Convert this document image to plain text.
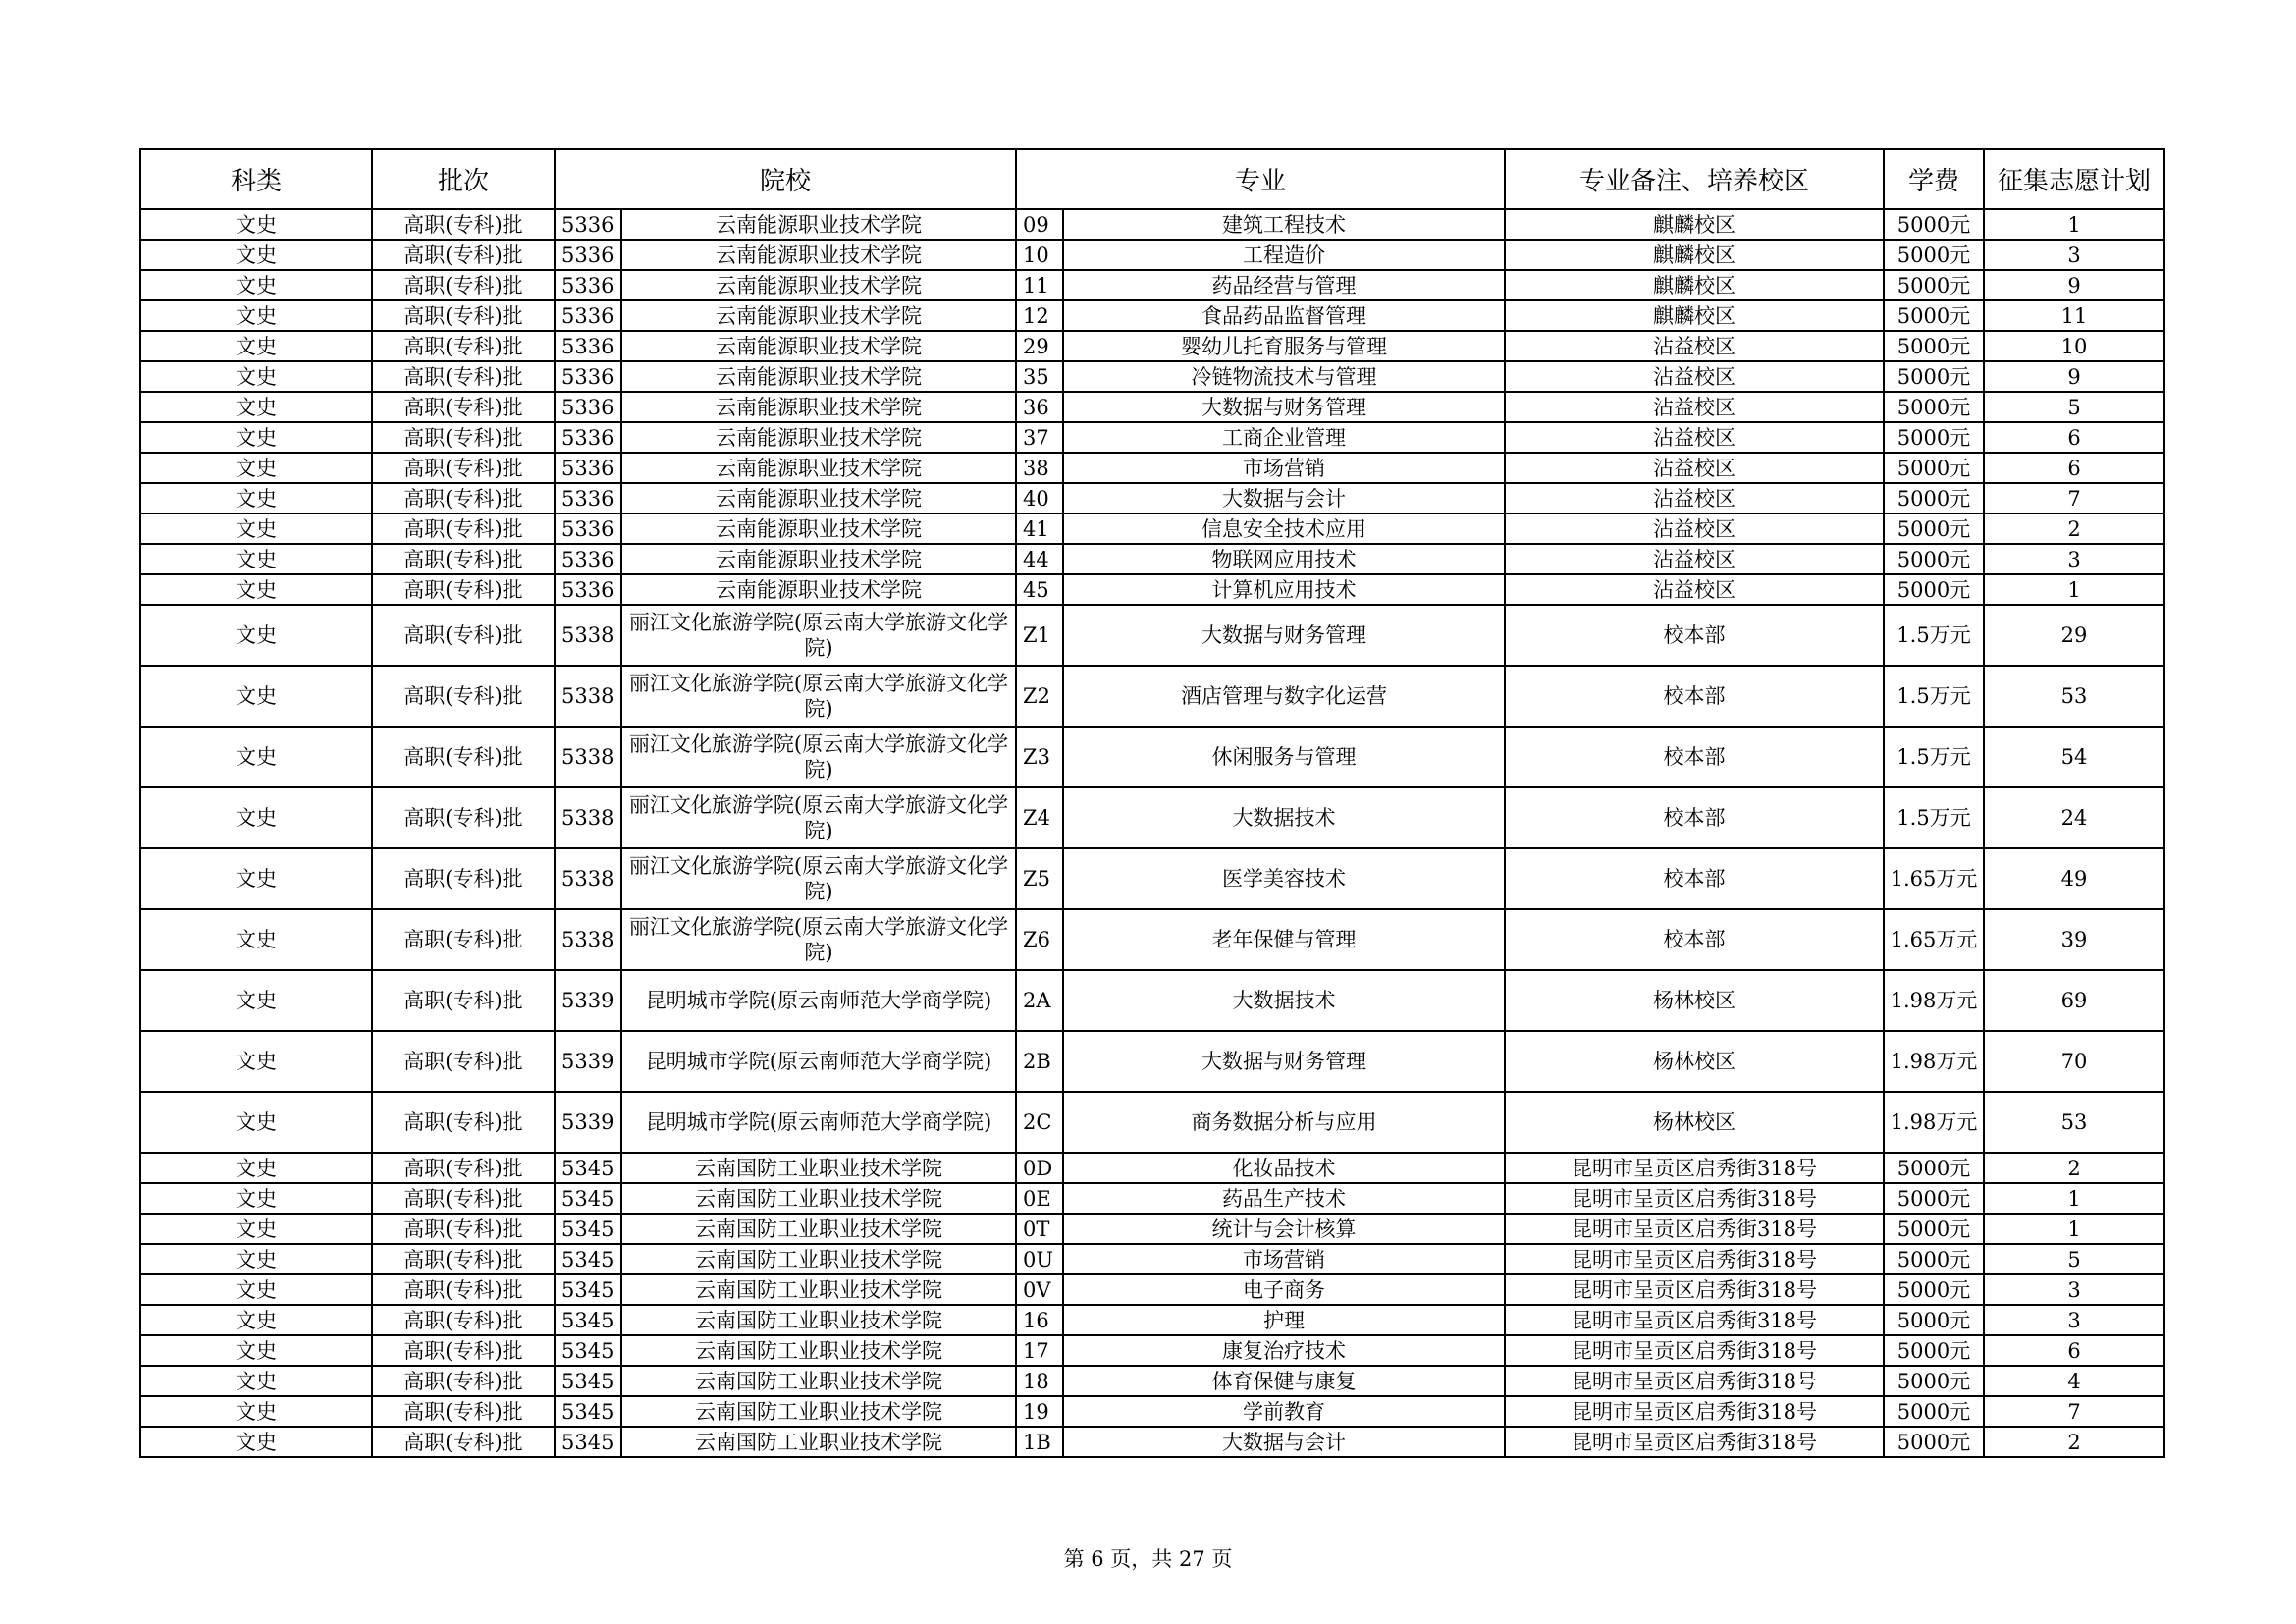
科类	批次	院校		专业		专业备注、培养校区	学费	征集志愿计划
文史	高职(专科)批	5336	云南能源职业技术学院	09	建筑工程技术	麒麟校区	5000元	1
文史	高职(专科)批	5336	云南能源职业技术学院	10	工程造价	麒麟校区	5000元	3
文史	高职(专科)批	5336	云南能源职业技术学院	11	药品经营与管理	麒麟校区	5000元	9
文史	高职(专科)批	5336	云南能源职业技术学院	12	食品药品监督管理	麒麟校区	5000元	11
文史	高职(专科)批	5336	云南能源职业技术学院	29	婴幼儿托育服务与管理	沾益校区	5000元	10
文史	高职(专科)批	5336	云南能源职业技术学院	35	冷链物流技术与管理	沾益校区	5000元	9
文史	高职(专科)批	5336	云南能源职业技术学院	36	大数据与财务管理	沾益校区	5000元	5
文史	高职(专科)批	5336	云南能源职业技术学院	37	工商企业管理	沾益校区	5000元	6
文史	高职(专科)批	5336	云南能源职业技术学院	38	市场营销	沾益校区	5000元	6
文史	高职(专科)批	5336	云南能源职业技术学院	40	大数据与会计	沾益校区	5000元	7
文史	高职(专科)批	5336	云南能源职业技术学院	41	信息安全技术应用	沾益校区	5000元	2
文史	高职(专科)批	5336	云南能源职业技术学院	44	物联网应用技术	沾益校区	5000元	3
文史	高职(专科)批	5336	云南能源职业技术学院	45	计算机应用技术	沾益校区	5000元	1
文史	高职(专科)批	5338	丽江文化旅游学院(原云南大学旅游文化学院)	Z1	大数据与财务管理	校本部	1.5万元	29
文史	高职(专科)批	5338	丽江文化旅游学院(原云南大学旅游文化学院)	Z2	酒店管理与数字化运营	校本部	1.5万元	53
文史	高职(专科)批	5338	丽江文化旅游学院(原云南大学旅游文化学院)	Z3	休闲服务与管理	校本部	1.5万元	54
文史	高职(专科)批	5338	丽江文化旅游学院(原云南大学旅游文化学院)	Z4	大数据技术	校本部	1.5万元	24
文史	高职(专科)批	5338	丽江文化旅游学院(原云南大学旅游文化学院)	Z5	医学美容技术	校本部	1.65万元	49
文史	高职(专科)批	5338	丽江文化旅游学院(原云南大学旅游文化学院)	Z6	老年保健与管理	校本部	1.65万元	39
文史	高职(专科)批	5339	昆明城市学院(原云南师范大学商学院)	2A	大数据技术	杨林校区	1.98万元	69
文史	高职(专科)批	5339	昆明城市学院(原云南师范大学商学院)	2B	大数据与财务管理	杨林校区	1.98万元	70
文史	高职(专科)批	5339	昆明城市学院(原云南师范大学商学院)	2C	商务数据分析与应用	杨林校区	1.98万元	53
文史	高职(专科)批	5345	云南国防工业职业技术学院	0D	化妆品技术	昆明市呈贡区启秀街318号	5000元	2
文史	高职(专科)批	5345	云南国防工业职业技术学院	0E	药品生产技术	昆明市呈贡区启秀街318号	5000元	1
文史	高职(专科)批	5345	云南国防工业职业技术学院	0T	统计与会计核算	昆明市呈贡区启秀街318号	5000元	1
文史	高职(专科)批	5345	云南国防工业职业技术学院	0U	市场营销	昆明市呈贡区启秀街318号	5000元	5
文史	高职(专科)批	5345	云南国防工业职业技术学院	0V	电子商务	昆明市呈贡区启秀街318号	5000元	3
文史	高职(专科)批	5345	云南国防工业职业技术学院	16	护理	昆明市呈贡区启秀街318号	5000元	3
文史	高职(专科)批	5345	云南国防工业职业技术学院	17	康复治疗技术	昆明市呈贡区启秀街318号	5000元	6
文史	高职(专科)批	5345	云南国防工业职业技术学院	18	体育保健与康复	昆明市呈贡区启秀街318号	5000元	4
文史	高职(专科)批	5345	云南国防工业职业技术学院	19	学前教育	昆明市呈贡区启秀街318号	5000元	7
文史	高职(专科)批	5345	云南国防工业职业技术学院	1B	大数据与会计	昆明市呈贡区启秀街318号	5000元	2
第 6 页，共 27 页
